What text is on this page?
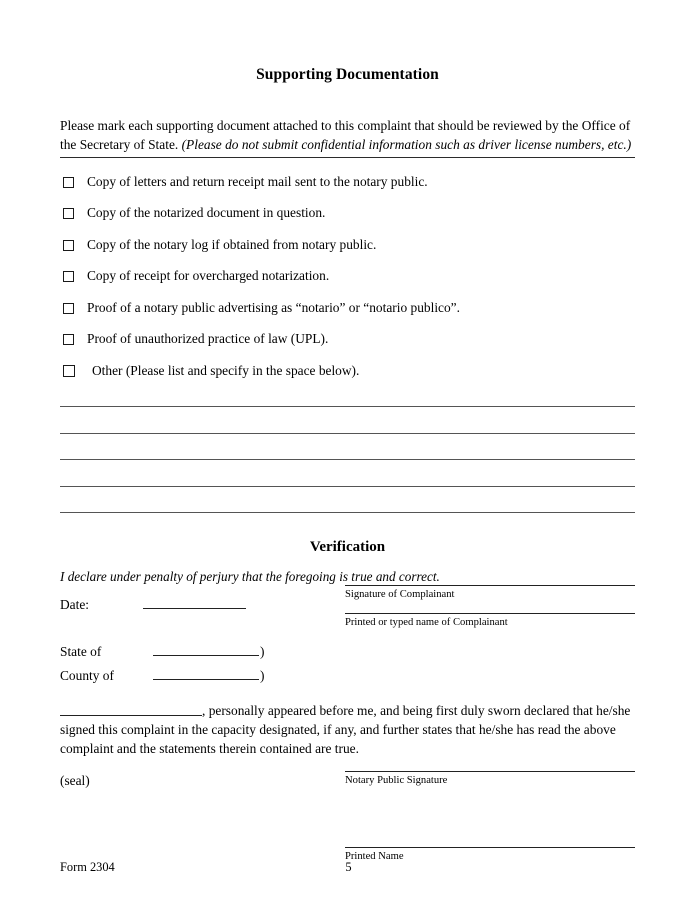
Supporting Documentation

Please mark each supporting document attached to this complaint that should be reviewed by the Office of the Secretary of State. (Please do not submit confidential information such as driver license numbers, etc.)

Copy of letters and return receipt mail sent to the notary public.
Copy of the notarized document in question.
Copy of the notary log if obtained from notary public.
Copy of receipt for overcharged notarization.
Proof of a notary public advertising as “notario” or “notario publico”.
Proof of unauthorized practice of law (UPL).
Other (Please list and specify in the space below).
Verification

I declare under penalty of perjury that the foregoing is true and correct.

Date:
State of	)
County of	)
Signature of Complainant
Printed or typed name of Complainant

, personally appeared before me, and being first duly sworn declared that he/she signed this complaint in the capacity designated, if any, and further states that he/she has read the above complaint and the statements therein contained are true.

(seal)	Notary Public Signature
Printed Name
Form 2304	5
